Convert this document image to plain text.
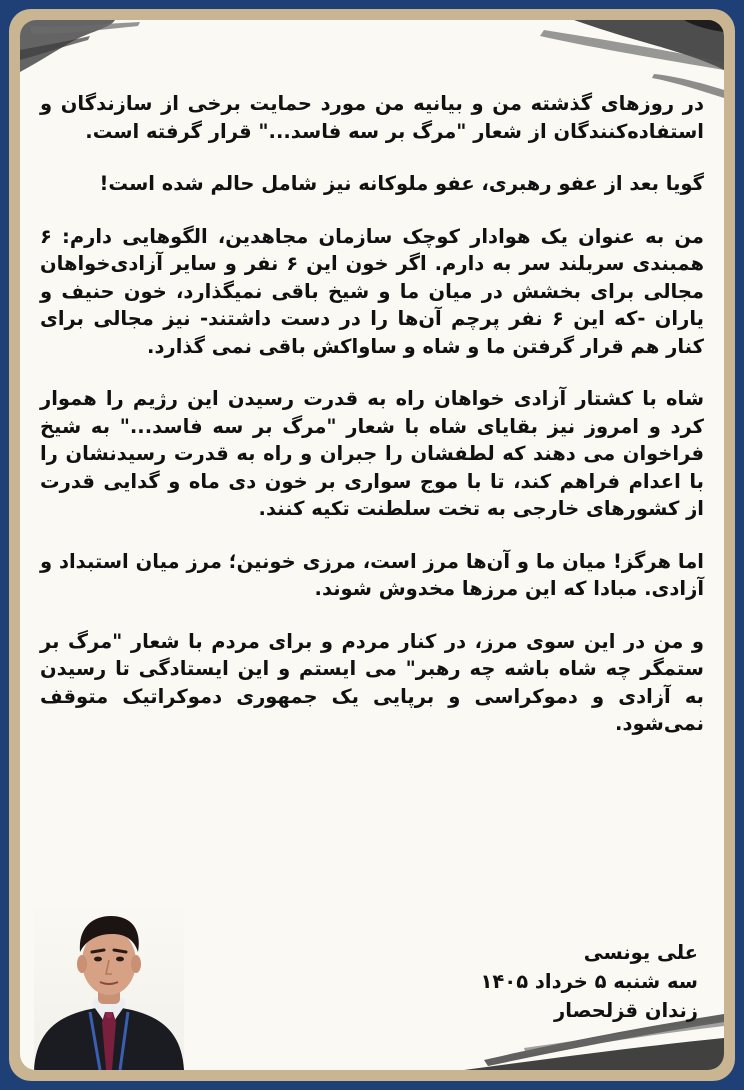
در روزهای گذشته من و بیانیه من مورد حمایت برخی از سازندگان و استفاده‌کنندگان از شعار "مرگ بر سه فاسد..." قرار گرفته است.

گویا بعد از عفو رهبری، عفو ملوکانه نیز شامل حالم شده است!

من به عنوان یک هوادار کوچک سازمان مجاهدین، الگوهایی دارم: ۶ همبندی سربلند سر به دارم. اگر خون این ۶ نفر و سایر آزادی‌خواهان مجالی برای بخشش در میان ما و شیخ باقی نمیگذارد، خون حنیف و یاران -که این ۶ نفر پرچم آن‌ها را در دست داشتند- نیز مجالی برای کنار هم قرار گرفتن ما و شاه و ساواکش باقی نمی گذارد.

شاه با کشتار آزادی خواهان راه به قدرت رسیدن این رژیم را هموار کرد و امروز نیز بقایای شاه با شعار "مرگ بر سه فاسد..." به شیخ فراخوان می دهند که لطفشان را جبران و راه به قدرت رسیدنشان را با اعدام فراهم کند، تا با موج سواری بر خون دی ماه و گدایی قدرت از کشورهای خارجی به تخت سلطنت تکیه کنند.

اما هرگز! میان ما و آن‌ها مرز است، مرزی خونین؛ مرز میان استبداد و آزادی. مبادا که این مرزها مخدوش شوند.

و من در این سوی مرز، در کنار مردم و برای مردم با شعار "مرگ بر ستمگر چه شاه باشه چه رهبر" می ایستم و این ایستادگی تا رسیدن به آزادی و دموکراسی و برپایی یک جمهوری دموکراتیک متوقف نمی‌شود.

علی یونسی
سه شنبه ۵ خرداد ۱۴۰۵
زندان قزلحصار
